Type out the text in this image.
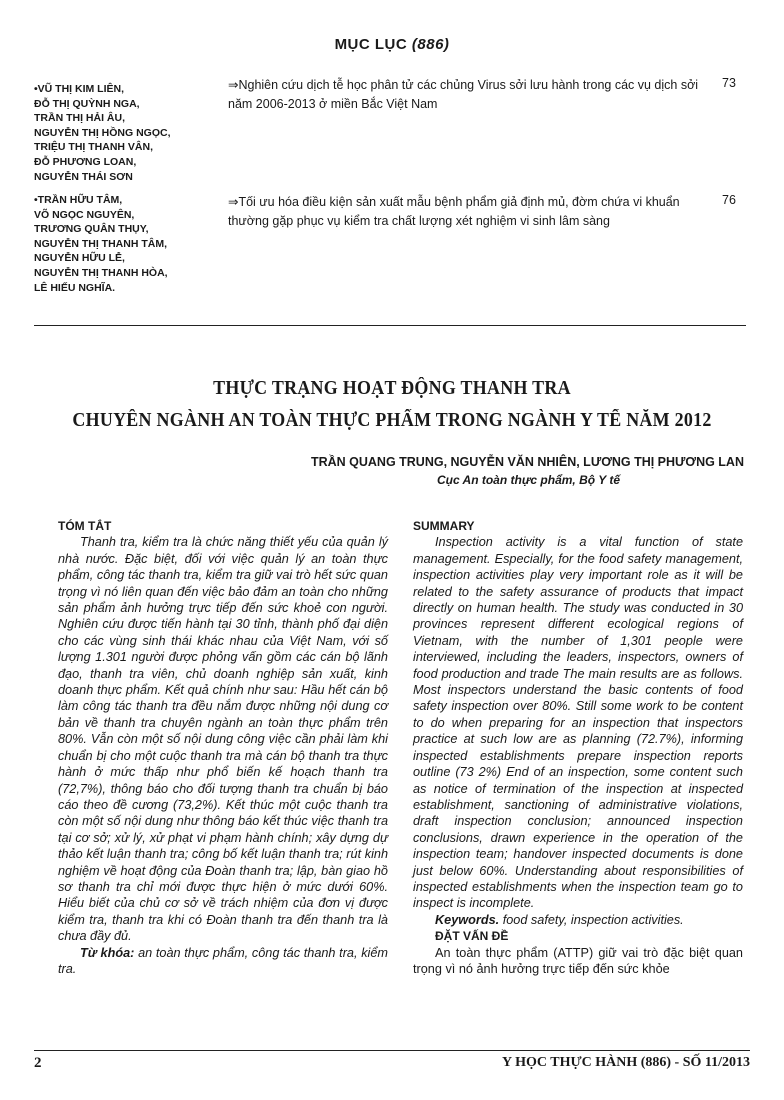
MỤC LỤC (886)
•VŨ THỊ KIM LIÊN,
ĐỖ THỊ QUỲNH NGA,
TRẦN THỊ HẢI ÂU,
NGUYỄN THỊ HỒNG NGỌC,
TRIỆU THỊ THANH VÂN,
ĐỖ PHƯƠNG LOAN,
NGUYỄN THÁI SƠN
⇒Nghiên cứu dịch tễ học phân tử các chủng Virus sởi lưu hành trong các vụ dịch sởi năm 2006-2013 ở miền Bắc Việt Nam
73
•TRẦN HỮU TÂM,
VÕ NGỌC NGUYÊN,
TRƯƠNG QUÂN THỤY,
NGUYỄN THỊ THANH TÂM,
NGUYỄN HỮU LỄ,
NGUYỄN THỊ THANH HÒA,
LÊ HIẾU NGHĨA.
⇒Tối ưu hóa điều kiện sản xuất mẫu bệnh phẩm giả định mủ, đờm chứa vi khuẩn thường gặp phục vụ kiểm tra chất lượng xét nghiệm vi sinh lâm sàng
76
THỰC TRẠNG HOẠT ĐỘNG THANH TRA
CHUYÊN NGÀNH AN TOÀN THỰC PHẨM TRONG NGÀNH Y TẾ NĂM 2012
TRẦN QUANG TRUNG, NGUYỄN VĂN NHIÊN, LƯƠNG THỊ PHƯƠNG LAN
Cục An toàn thực phẩm, Bộ Y tế

TÓM TẮT

Thanh tra, kiểm tra là chức năng thiết yếu của quản lý nhà nước. Đặc biệt, đối với việc quản lý an toàn thực phẩm, công tác thanh tra, kiểm tra giữ vai trò hết sức quan trọng vì nó liên quan đến việc bảo đảm an toàn cho những sản phẩm ảnh hưởng trực tiếp đến sức khoẻ con người. Nghiên cứu được tiến hành tại 30 tỉnh, thành phố đại diện cho các vùng sinh thái khác nhau của Việt Nam, với số lượng 1.301 người được phỏng vấn gồm các cán bộ lãnh đạo, thanh tra viên, chủ doanh nghiệp sản xuất, kinh doanh thực phẩm. Kết quả chính như sau: Hầu hết cán bộ làm công tác thanh tra đều nắm được những nội dung cơ bản về thanh tra chuyên ngành an toàn thực phẩm trên 80%. Vẫn còn một số nội dung công việc cần phải làm khi chuẩn bị cho một cuộc thanh tra mà cán bộ thanh tra thực hành ở mức thấp như phổ biến kế hoạch thanh tra (72,7%), thông báo cho đối tượng thanh tra chuẩn bị báo cáo theo đề cương (73,2%). Kết thúc một cuộc thanh tra còn một số nội dung như thông báo kết thúc việc thanh tra tại cơ sở; xử lý, xử phạt vi phạm hành chính; xây dựng dự thảo kết luận thanh tra; công bố kết luận thanh tra; rút kinh nghiệm về hoạt động của Đoàn thanh tra; lập, bàn giao hồ sơ thanh tra chỉ mới được thực hiện ở mức dưới 60%. Hiểu biết của chủ cơ sở về trách nhiệm của đơn vị được kiểm tra, thanh tra khi có Đoàn thanh tra đến thanh tra là chưa đầy đủ.

Từ khóa: an toàn thực phẩm, công tác thanh tra, kiểm tra.

SUMMARY

Inspection activity is a vital function of state management. Especially, for the food safety management, inspection activities play very important role as it will be related to the safety assurance of products that impact directly on human health. The study was conducted in 30 provinces represent different ecological regions of Vietnam, with the number of 1,301 people were interviewed, including the leaders, inspectors, owners of food production and trade The main results are as follows. Most inspectors understand the basic contents of food safety inspection over 80%. Still some work to be content to do when preparing for an inspection that inspectors practice at such low are as planning (72.7%), informing inspected establishments prepare inspection reports outline (73 2%) End of an inspection, some content such as notice of termination of the inspection at inspected establishment, sanctioning of administrative violations, draft inspection conclusion; announced inspection conclusions, drawn experience in the operation of the inspection team; handover inspected documents is done just below 60%. Understanding about responsibilities of inspected establishments when the inspection team go to inspect is incomplete.

Keywords. food safety, inspection activities.

ĐẶT VẤN ĐỀ

An toàn thực phẩm (ATTP) giữ vai trò đặc biệt quan trọng vì nó ảnh hưởng trực tiếp đến sức khỏe

2	Y HỌC THỰC HÀNH (886) - SỐ 11/2013
